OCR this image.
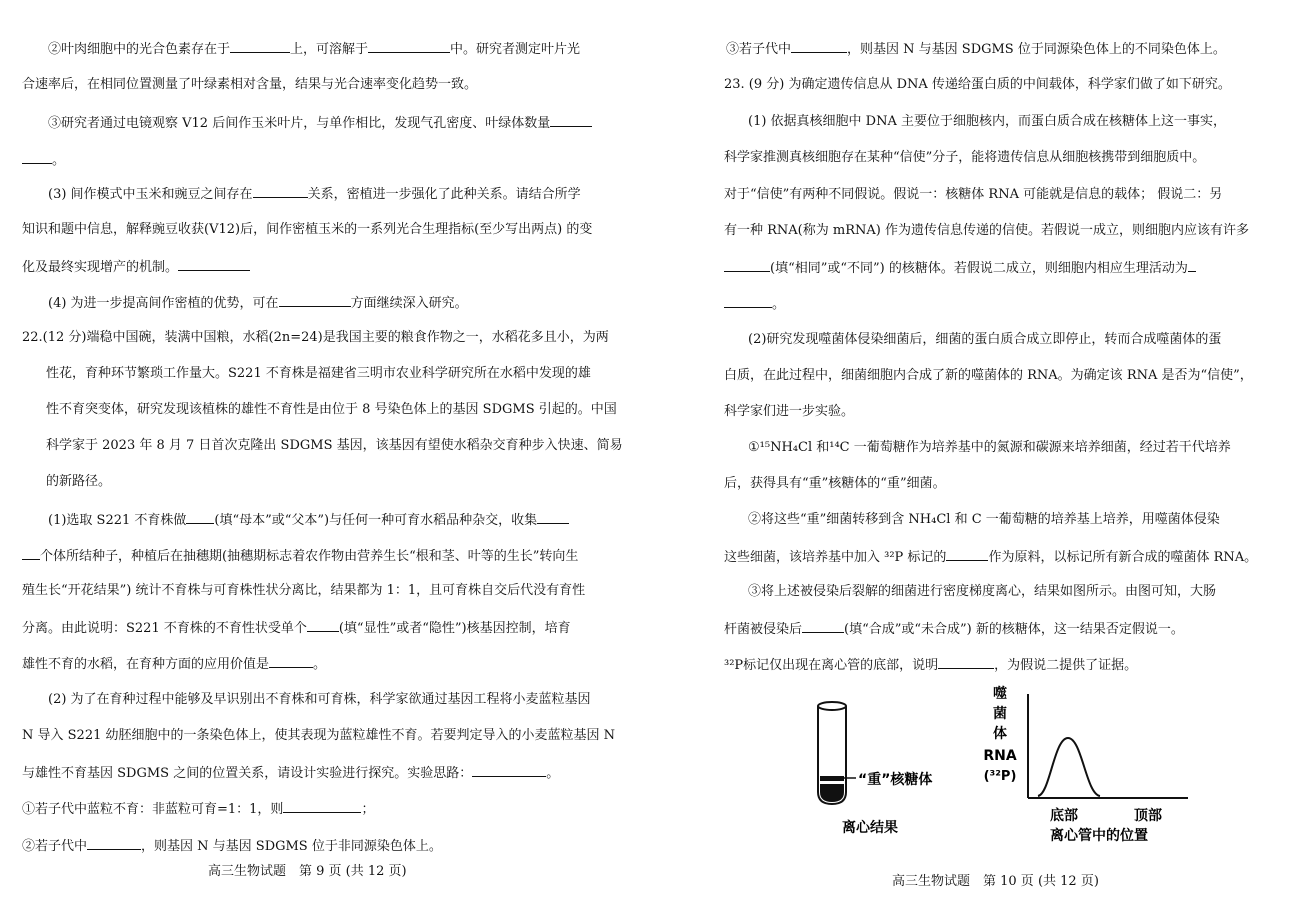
②叶肉细胞中的光合色素存在于	上，可溶解于	中。研究者测定叶片光
合速率后，在相同位置测量了叶绿素相对含量，结果与光合速率变化趋势一致。
③研究者通过电镜观察 V12 后间作玉米叶片，与单作相比，发现气孔密度、叶绿体数量
。
(3) 间作模式中玉米和豌豆之间存在	关系，密植进一步强化了此种关系。请结合所学
知识和题中信息，解释豌豆收获(V12)后，间作密植玉米的一系列光合生理指标(至少写出两点) 的变
化及最终实现增产的机制。
(4) 为进一步提高间作密植的优势，可在	方面继续深入研究。
22.(12 分)端稳中国碗，装满中国粮，水稻(2n=24)是我国主要的粮食作物之一，水稻花多且小，为两
性花，育种环节繁琐工作量大。S221 不育株是福建省三明市农业科学研究所在水稻中发现的雄
性不育突变体，研究发现该植株的雄性不育性是由位于 8 号染色体上的基因 SDGMS 引起的。中国
科学家于 2023 年 8 月 7 日首次克隆出 SDGMS 基因，该基因有望使水稻杂交育种步入快速、简易
的新路径。
(1)选取 S221 不育株做 (填“母本”或“父本”)与任何一种可育水稻品种杂交，收集
个体所结种子，种植后在抽穗期(抽穗期标志着农作物由营养生长“根和茎、叶等的生长”转向生
殖生长“开花结果”) 统计不育株与可育株性状分离比，结果都为 1：1，且可育株自交后代没有育性
分离。由此说明：S221 不育株的不育性状受单个 (填“显性”或者“隐性”)核基因控制，培育
雄性不育的水稻，在育种方面的应用价值是	。
(2) 为了在育种过程中能够及早识别出不育株和可育株，科学家欲通过基因工程将小麦蓝粒基因
N 导入 S221 幼胚细胞中的一条染色体上，使其表现为蓝粒雄性不育。若要判定导入的小麦蓝粒基因 N
与雄性不育基因 SDGMS 之间的位置关系，请设计实验进行探究。实验思路：	。
①若子代中蓝粒不育：非蓝粒可育=1：1，则	；
②若子代中	，则基因 N 与基因 SDGMS 位于非同源染色体上。
高三生物试题　第 9 页 (共 12 页)
③若子代中	，则基因 N 与基因 SDGMS 位于同源染色体上的不同染色体上。
23. (9 分) 为确定遗传信息从 DNA 传递给蛋白质的中间载体，科学家们做了如下研究。
(1) 依据真核细胞中 DNA 主要位于细胞核内，而蛋白质合成在核糖体上这一事实，
科学家推测真核细胞存在某种“信使”分子，能将遗传信息从细胞核携带到细胞质中。
对于“信使”有两种不同假说。假说一：核糖体 RNA 可能就是信息的载体； 假说二：另
有一种 RNA(称为 mRNA) 作为遗传信息传递的信使。若假说一成立，则细胞内应该有许多
(填“相同”或“不同”) 的核糖体。若假说二成立，则细胞内相应生理活动为
。
(2)研究发现噬菌体侵染细菌后，细菌的蛋白质合成立即停止，转而合成噬菌体的蛋
白质，在此过程中，细菌细胞内合成了新的噬菌体的 RNA。为确定该 RNA 是否为“信使”，
科学家们进一步实验。
①¹⁵NH₄Cl 和¹⁴C 一葡萄糖作为培养基中的氮源和碳源来培养细菌，经过若干代培养
后，获得具有“重”核糖体的“重”细菌。
②将这些“重”细菌转移到含 NH₄Cl 和 C 一葡萄糖的培养基上培养，用噬菌体侵染
这些细菌，该培养基中加入 ³²P 标记的	作为原料，以标记所有新合成的噬菌体 RNA。
③将上述被侵染后裂解的细菌进行密度梯度离心，结果如图所示。由图可知，大肠
杆菌被侵染后	(填“合成”或“未合成”) 新的核糖体，这一结果否定假说一。
³²P标记仅出现在离心管的底部，说明	，为假说二提供了证据。
“重”核糖体
离心结果
噬
菌
体
RNA
(³²P)
底部	顶部
离心管中的位置
高三生物试题　第 10 页 (共 12 页)
